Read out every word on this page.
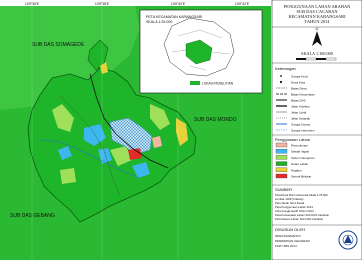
109°36'E	109°38'E	109°40'E	109°42'E
SUB DAS SOMAGEDE
SUB DAS MONDO
SUB DAS GEBANG
PETA KECAMATAN KARANGSARI
SKALA 1:25.000
LOKASI PENELITIAN
PENGGUNAAN LAHAN ARAHAN
SUB DAS CACABAN
KECAMATAN KARANGSARI
TAHUN 2014
U
SKALA 1:100.000
Keterangan
Sungai Kecil
Desa Kota
Batas Desa
Batas Kecamatan
Batas DAS
Jalan Kolektor
Jalan Lokal
Jalan Setapak
Sungai Utama
Sungai Intermiten
Penggunaan Lahan
Permukiman
Sawah Irigasi
Kebun Campuran
Hutan Lahan
Tegalan
Semak Belukar
SUMBER
Peta Rupa Bumi Indonesia Skala 1:25.000
Lembar 1408 (Cilacap)
Peta Tanah Semi Detail
Peta Penggunaan Lahan 2014
Citra Google Earth Tahun 2014
Peta Kesesuaian Lahan Sub DAS Cacaban
Peta Satuan Lahan Sub DAS Cacaban
DISUSUN OLEH
IMAM RAHMANTO
PENDIDIKAN GEOGRAFI
FKIP UMS 2014
